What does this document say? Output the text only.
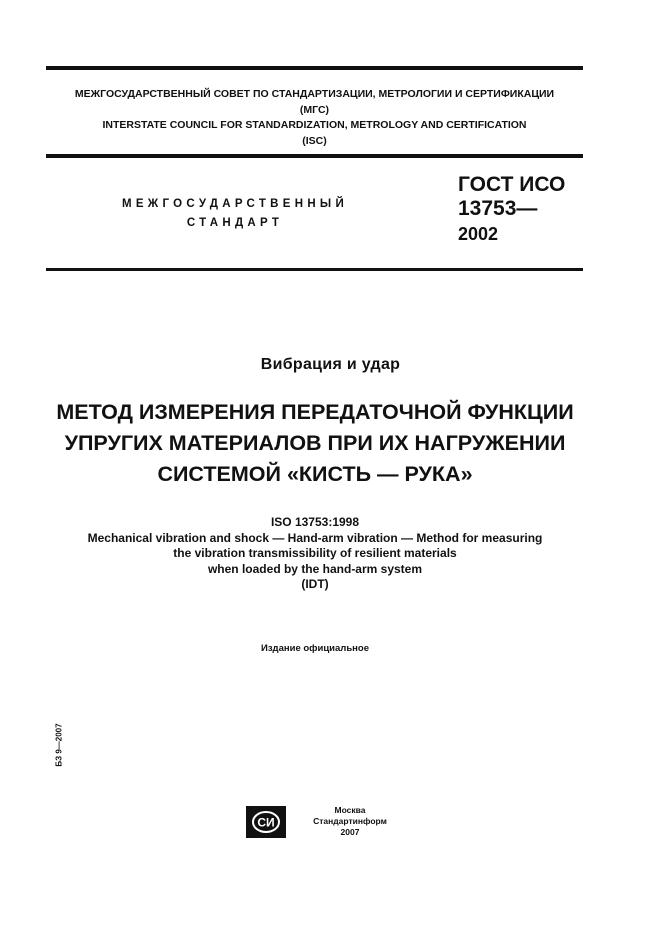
МЕЖГОСУДАРСТВЕННЫЙ СОВЕТ ПО СТАНДАРТИЗАЦИИ, МЕТРОЛОГИИ И СЕРТИФИКАЦИИ
(МГС)
INTERSTATE COUNCIL FOR STANDARDIZATION, METROLOGY AND CERTIFICATION
(ISC)
МЕЖГОСУДАРСТВЕННЫЙ
СТАНДАРТ
ГОСТ ИСО
13753—
2002
Вибрация и удар
МЕТОД ИЗМЕРЕНИЯ ПЕРЕДАТОЧНОЙ ФУНКЦИИ
УПРУГИХ МАТЕРИАЛОВ ПРИ ИХ НАГРУЖЕНИИ
СИСТЕМОЙ «КИСТЬ — РУКА»
ISO 13753:1998
Mechanical vibration and shock — Hand-arm vibration — Method for measuring
the vibration transmissibility of resilient materials
when loaded by the hand-arm system
(IDT)
Издание официальное
БЗ 9—2007
СИ
Москва
Стандартинформ
2007
